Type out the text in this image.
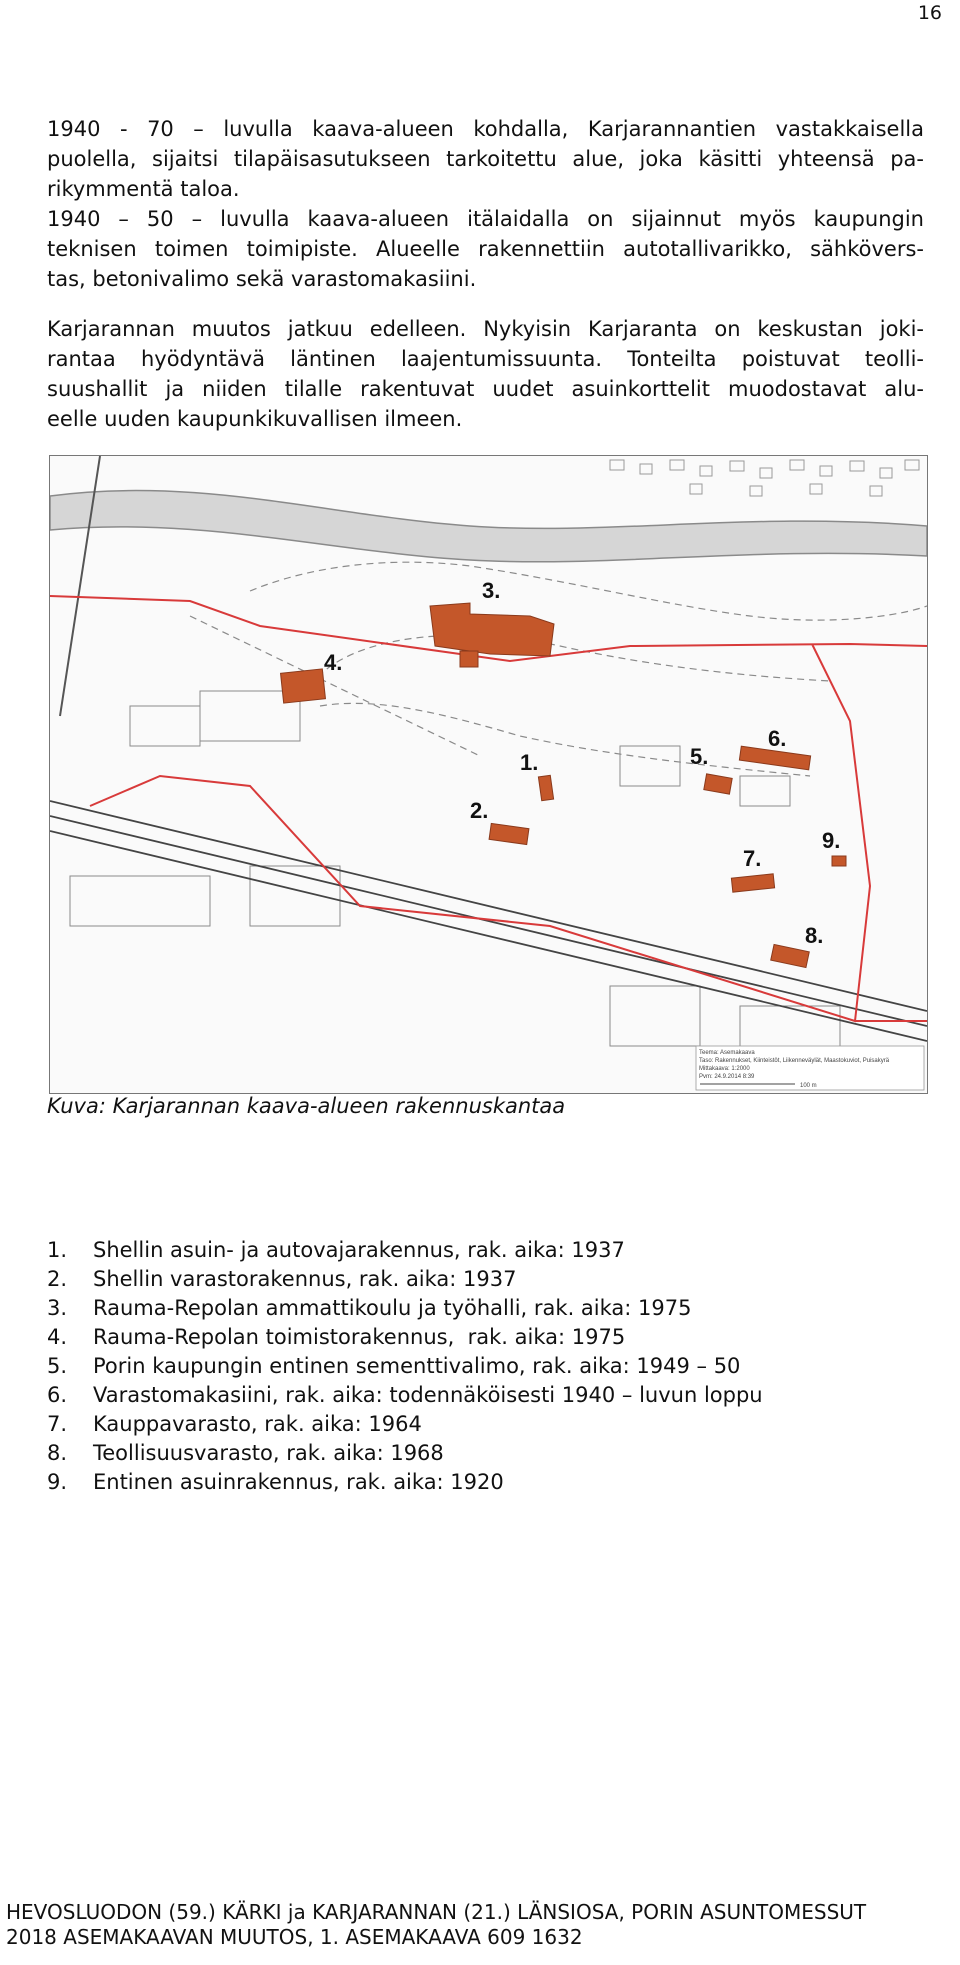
16
1940 - 70 – luvulla kaava-alueen kohdalla, Karjarannantien vastakkaisella
puolella, sijaitsi tilapäisasutukseen tarkoitettu alue, joka käsitti yhteensä pa-
rikymmentä taloa.
1940 – 50 – luvulla kaava-alueen itälaidalla on sijainnut myös kaupungin
teknisen toimen toimipiste. Alueelle rakennettiin autotallivarikko, sähkövers-
tas, betonivalimo sekä varastomakasiini.
Karjarannan muutos jatkuu edelleen. Nykyisin Karjaranta on keskustan joki-
rantaa hyödyntävä läntinen laajentumissuunta. Tonteilta poistuvat teolli-
suushallit ja niiden tilalle rakentuvat uudet asuinkorttelit muodostavat alu-
eelle uuden kaupunkikuvallisen ilmeen.
3.
4.
1.
2.
5.
6.
7.
9.
8.
Teema: Asemakaava
Taso: Rakennukset, Kiinteistöt, Liikenneväylät, Maastokuviot, Puisakyrä
Mittakaava: 1:2000
Pvm: 24.9.2014 8:39
100 m
Kuva: Karjarannan kaava-alueen rakennuskantaa
1.	Shellin asuin- ja autovajarakennus, rak. aika: 1937
2.	Shellin varastorakennus, rak. aika: 1937
3.	Rauma-Repolan ammattikoulu ja työhalli, rak. aika: 1975
4.	Rauma-Repolan toimistorakennus,  rak. aika: 1975
5.	Porin kaupungin entinen sementtivalimo, rak. aika: 1949 – 50
6.	Varastomakasiini, rak. aika: todennäköisesti 1940 – luvun loppu
7.	Kauppavarasto, rak. aika: 1964
8.	Teollisuusvarasto, rak. aika: 1968
9.	Entinen asuinrakennus, rak. aika: 1920
HEVOSLUODON (59.) KÄRKI ja KARJARANNAN (21.) LÄNSIOSA, PORIN ASUNTOMESSUT
2018 ASEMAKAAVAN MUUTOS, 1. ASEMAKAAVA 609 1632
